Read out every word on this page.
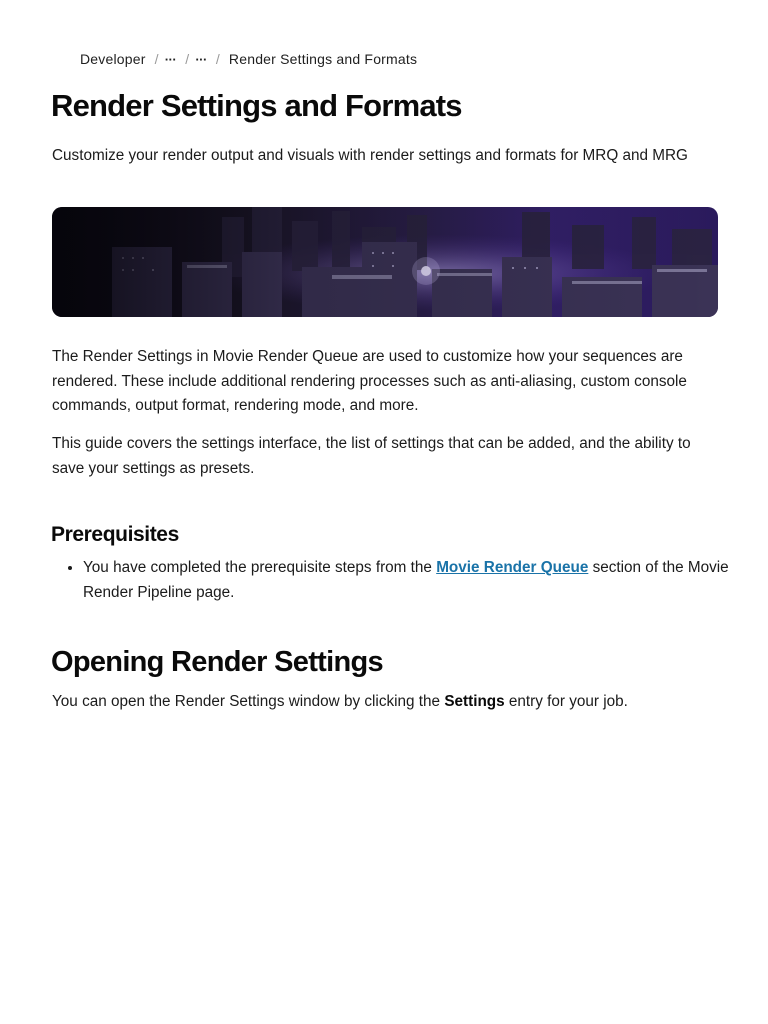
Developer / ··· / ··· / Render Settings and Formats
Render Settings and Formats

Customize your render output and visuals with render settings and formats for MRQ and MRG

The Render Settings in Movie Render Queue are used to customize how your sequences are rendered. These include additional rendering processes such as anti-aliasing, custom console commands, output format, rendering mode, and more.

This guide covers the settings interface, the list of settings that can be added, and the ability to save your settings as presets.

Prerequisites
• You have completed the prerequisite steps from the Movie Render Queue section of the Movie Render Pipeline page.
Opening Render Settings

You can open the Render Settings window by clicking the Settings entry for your job.
